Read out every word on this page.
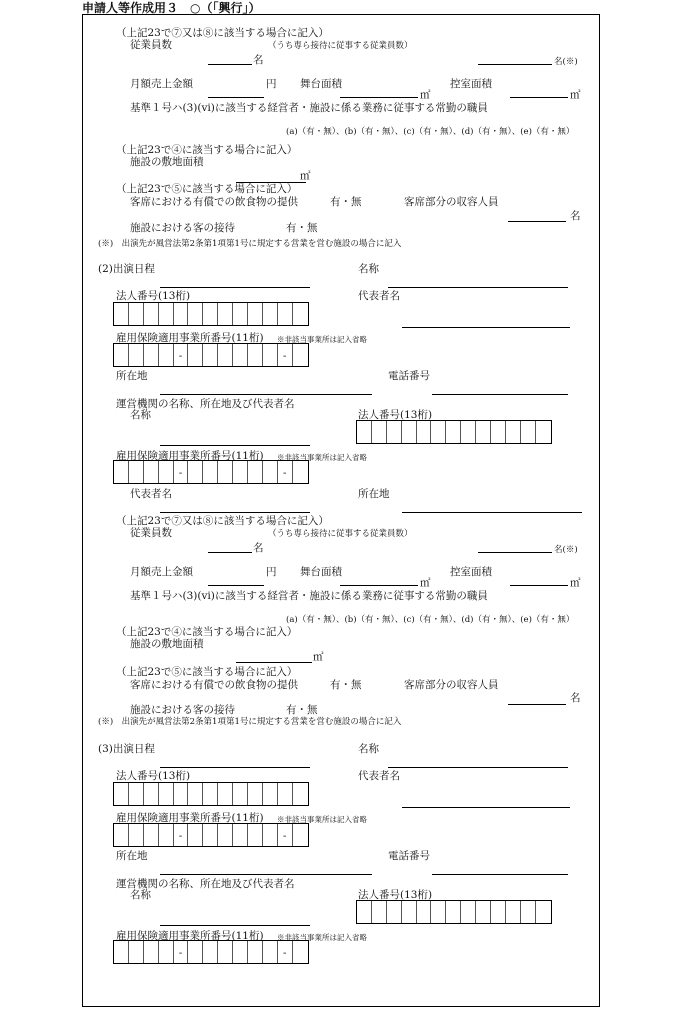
申請人等作成用３　○（「興行」）
（上記23で⑦又は⑧に該当する場合に記入）
従業員数	（うち専ら接待に従事する従業員数）
名	名(※)
月額売上金額	円 舞台面積	控室面積
㎡	㎡
基準１号ハ(3)(ⅵ)に該当する経営者・施設に係る業務に従事する常勤の職員
(a)（有・無）、(b)（有・無）、(c)（有・無）、(d)（有・無）、(e)（有・無）
（上記23で④に該当する場合に記入）
施設の敷地面積
㎡
（上記23で⑤に該当する場合に記入）
客席における有償での飲食物の提供	有・無	客席部分の収容人員
名
施設における客の接待	有・無
(※)　出演先が風営法第2条第1項第1号に規定する営業を営む施設の場合に記入
(2)出演日程	名称
法人番号(13桁)	代表者名
雇用保険適用事業所番号(11桁) ※非該当事業所は記入省略
-	-
所在地	電話番号
運営機関の名称、所在地及び代表者名
名称	法人番号(13桁)
雇用保険適用事業所番号(11桁) ※非該当事業所は記入省略
-	-
代表者名	所在地
（上記23で⑦又は⑧に該当する場合に記入）
従業員数	（うち専ら接待に従事する従業員数）
名	名(※)
月額売上金額	円 舞台面積	控室面積
㎡	㎡
基準１号ハ(3)(ⅵ)に該当する経営者・施設に係る業務に従事する常勤の職員
(a)（有・無）、(b)（有・無）、(c)（有・無）、(d)（有・無）、(e)（有・無）
（上記23で④に該当する場合に記入）
施設の敷地面積
㎡
（上記23で⑤に該当する場合に記入）
客席における有償での飲食物の提供	有・無	客席部分の収容人員
名
施設における客の接待	有・無
(※)　出演先が風営法第2条第1項第1号に規定する営業を営む施設の場合に記入
(3)出演日程	名称
法人番号(13桁)	代表者名
雇用保険適用事業所番号(11桁) ※非該当事業所は記入省略
-	-
所在地	電話番号
運営機関の名称、所在地及び代表者名
名称	法人番号(13桁)
雇用保険適用事業所番号(11桁) ※非該当事業所は記入省略
-	-
